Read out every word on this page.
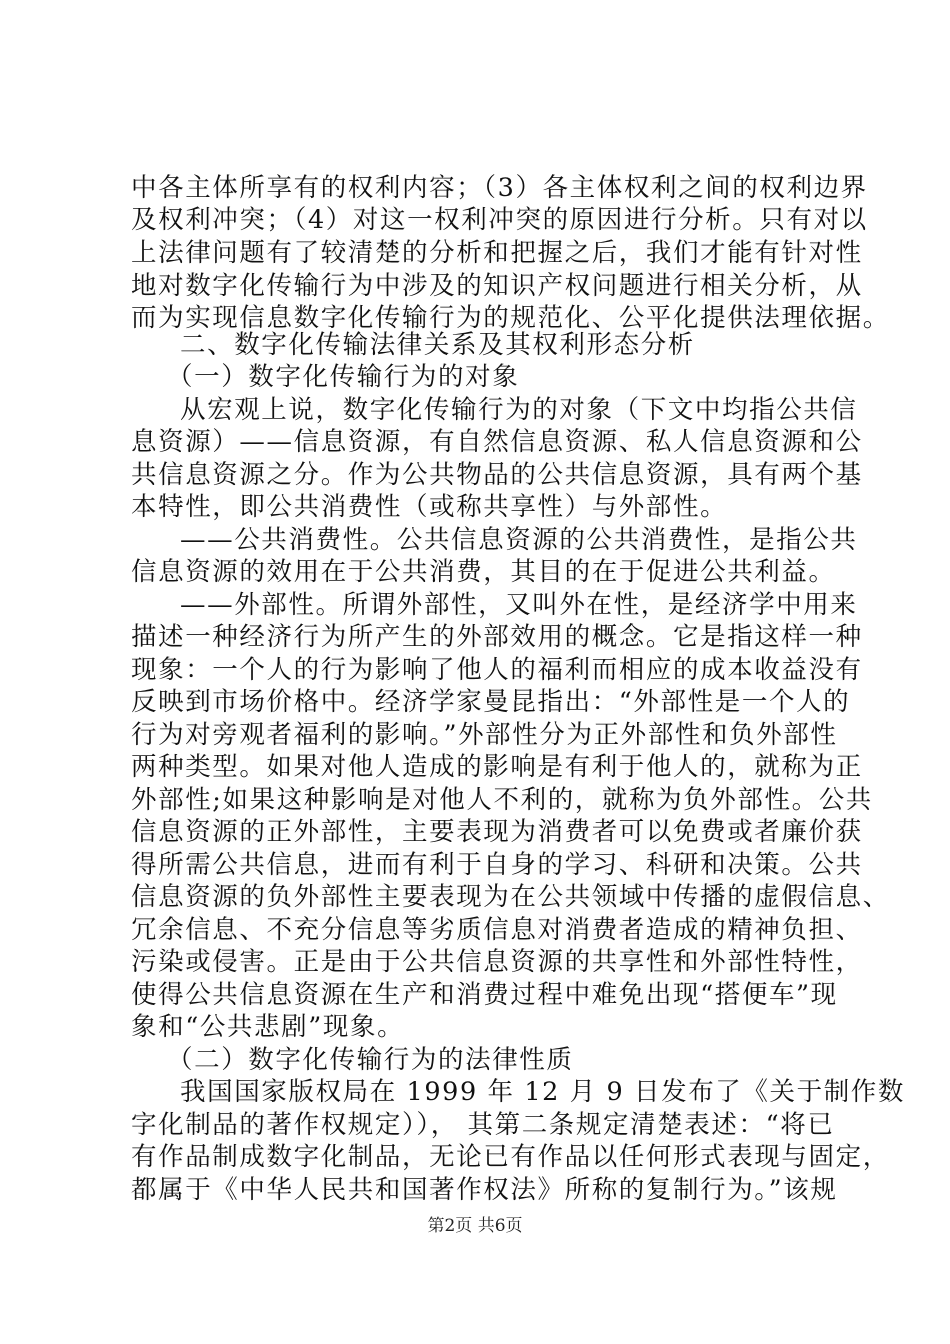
中各主体所享有的权利内容；（3）各主体权利之间的权利边界

及权利冲突；（4）对这一权利冲突的原因进行分析。只有对以

上法律问题有了较清楚的分析和把握之后，我们才能有针对性

地对数字化传输行为中涉及的知识产权问题进行相关分析，从

而为实现信息数字化传输行为的规范化、公平化提供法理依据。

二、数字化传输法律关系及其权利形态分析

（一）数字化传输行为的对象

从宏观上说，数字化传输行为的对象（下文中均指公共信

息资源）——信息资源，有自然信息资源、私人信息资源和公

共信息资源之分。作为公共物品的公共信息资源，具有两个基

本特性，即公共消费性（或称共享性）与外部性。

——公共消费性。公共信息资源的公共消费性，是指公共

信息资源的效用在于公共消费，其目的在于促进公共利益。

——外部性。所谓外部性，又叫外在性，是经济学中用来

描述一种经济行为所产生的外部效用的概念。它是指这样一种

现象：一个人的行为影响了他人的福利而相应的成本收益没有

反映到市场价格中。经济学家曼昆指出：“外部性是一个人的

行为对旁观者福利的影响。”外部性分为正外部性和负外部性

两种类型。如果对他人造成的影响是有利于他人的，就称为正

外部性;如果这种影响是对他人不利的，就称为负外部性。公共

信息资源的正外部性，主要表现为消费者可以免费或者廉价获

得所需公共信息，进而有利于自身的学习、科研和决策。公共

信息资源的负外部性主要表现为在公共领域中传播的虚假信息、

冗余信息、不充分信息等劣质信息对消费者造成的精神负担、

污染或侵害。正是由于公共信息资源的共享性和外部性特性，

使得公共信息资源在生产和消费过程中难免出现“搭便车”现

象和“公共悲剧”现象。

（二）数字化传输行为的法律性质

我国国家版权局在 1999 年 12 月 9 日发布了《关于制作数

字化制品的著作权规定））， 其第二条规定清楚表述：“将已

有作品制成数字化制品，无论已有作品以任何形式表现与固定，

第2页 共6页

都属于《中华人民共和国著作权法》所称的复制行为。”该规
